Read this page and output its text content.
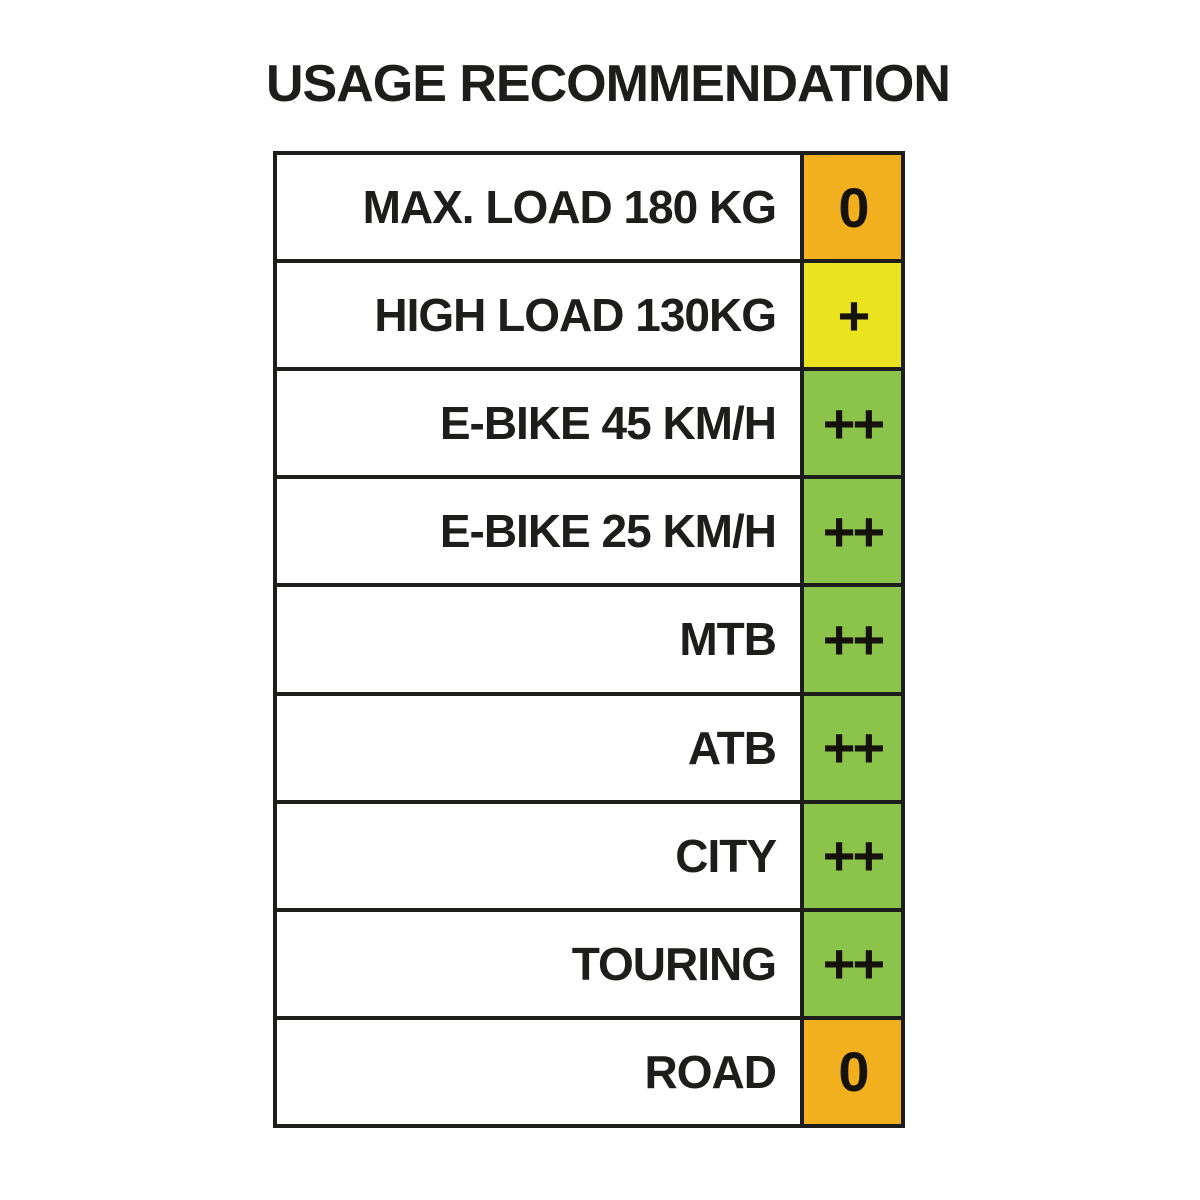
USAGE RECOMMENDATION
MAX. LOAD 180 KG	0
HIGH LOAD 130KG	+
E-BIKE 45 KM/H ++
E-BIKE 25 KM/H ++
MTB ++
ATB ++
CITY ++
TOURING ++
ROAD	0
